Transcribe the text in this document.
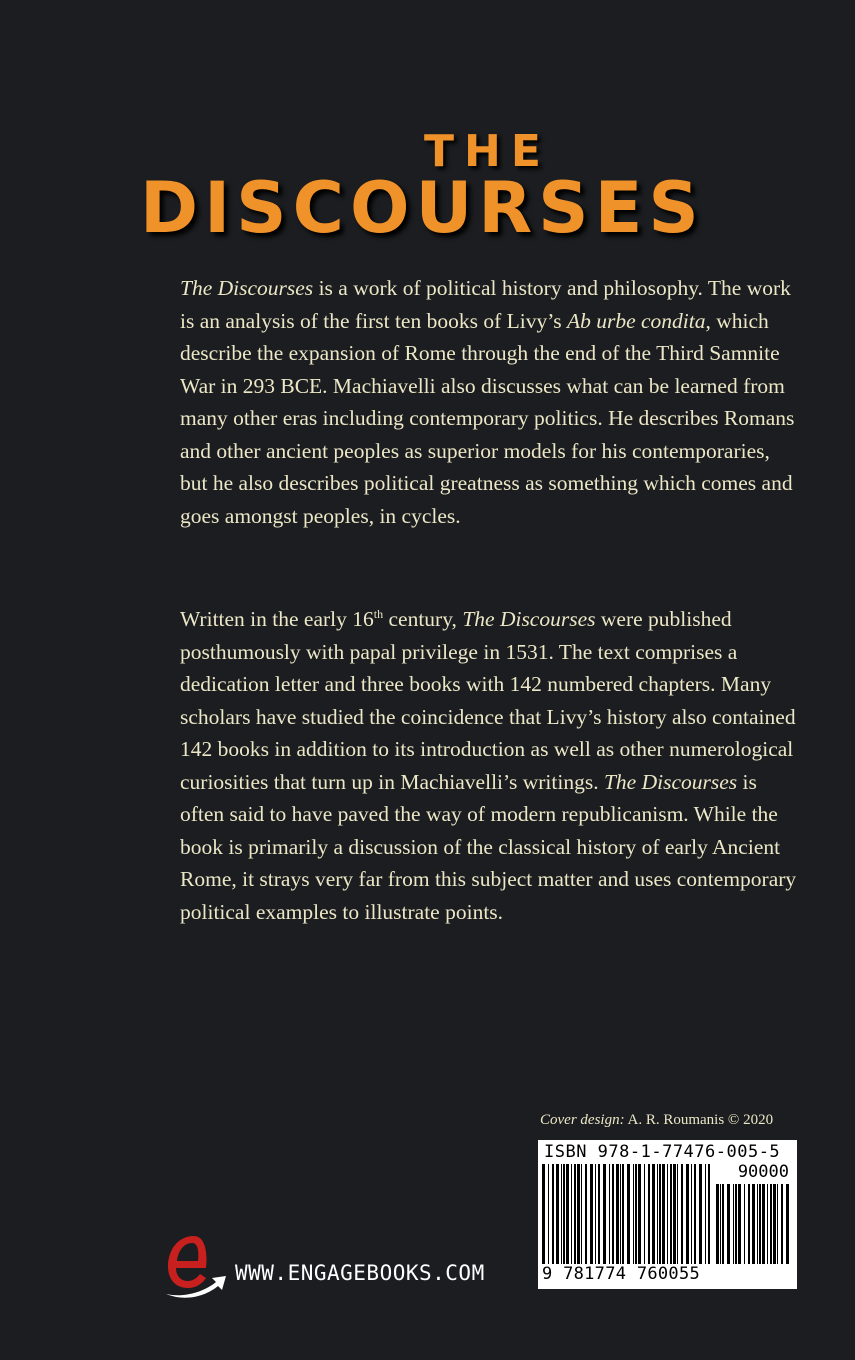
THE
DISCOURSES

The Discourses is a work of political history and philosophy. The work is an analysis of the first ten books of Livy’s Ab urbe condita, which describe the expansion of Rome through the end of the Third Samnite War in 293 BCE. Machiavelli also discusses what can be learned from many other eras including contemporary politics. He describes Romans and other ancient peoples as superior models for his contemporaries, but he also describes political greatness as something which comes and goes amongst peoples, in cycles.

Written in the early 16th century, The Discourses were published posthumously with papal privilege in 1531. The text comprises a dedication letter and three books with 142 numbered chapters. Many scholars have studied the coincidence that Livy’s history also contained 142 books in addition to its introduction as well as other numerological curiosities that turn up in Machiavelli’s writings. The Discourses is often said to have paved the way of modern republicanism. While the book is primarily a discussion of the classical history of early Ancient Rome, it strays very far from this subject matter and uses contemporary political examples to illustrate points.

Cover design: A. R. Roumanis © 2020
ISBN 978-1-77476-005-5
90000
9 781774 760055
WWW.ENGAGEBOOKS.COM
